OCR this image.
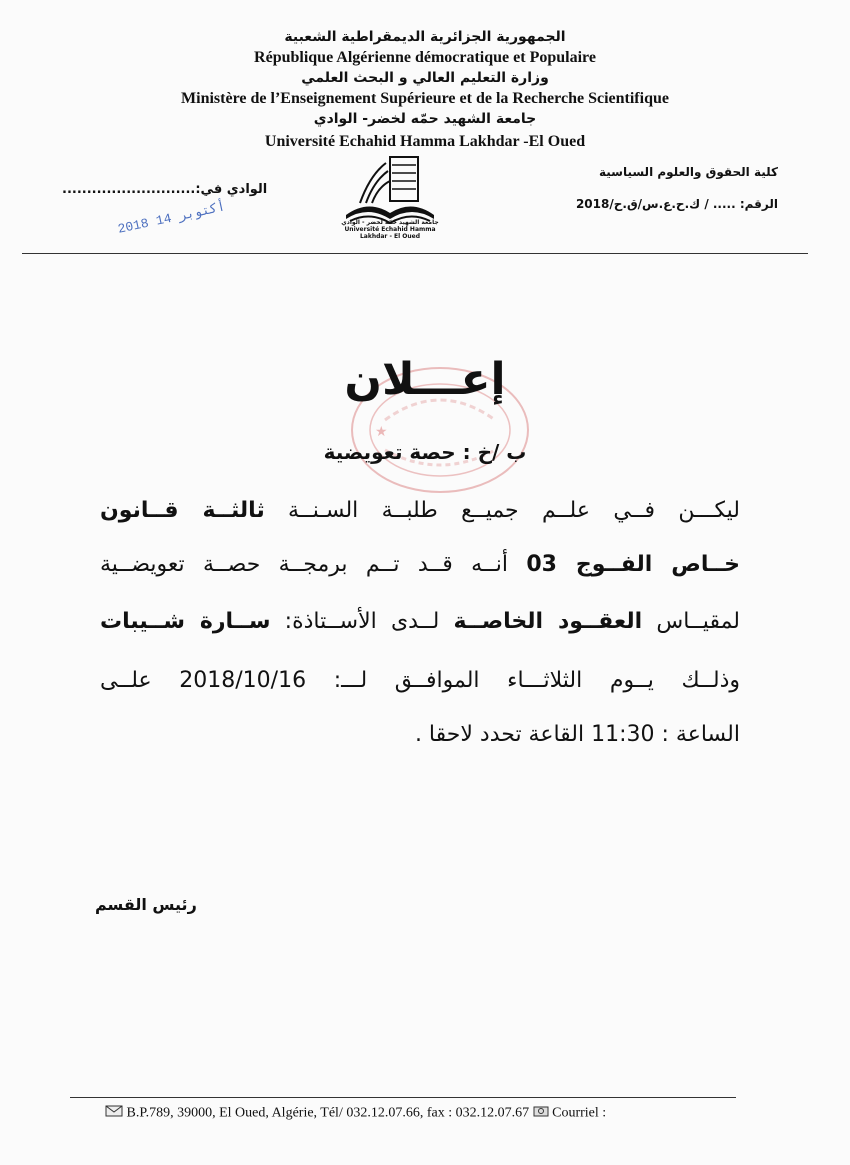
الجمهورية الجزائرية الديمقراطية الشعبية
République Algérienne démocratique et Populaire
وزارة التعليم العالي و البحث العلمي
Ministère de l’Enseignement Supérieure et de la Recherche Scientifique
جامعة الشهيد حمّه لخضر- الوادي
Université Echahid Hamma Lakhdar -El Oued
كلية الحقوق والعلوم السياسية
الرقم: ..... / ك.ح.ع.س/ق.ح/2018
الوادي في:...........................
جامعة الشهيد حمّه لخضر - الوادي
Université Echahid Hamma Lakhdar - El Oued
2018 أكتوبر 14
★
إعـــلان
ب /خ : حصة تعويضية
ليكـــن فــي علــم جميــع طلبــة السـنــة ثالثــة قــانون
خــاص الفــوج 03 أنــه قــد تــم برمجــة حصــة تعويضــية
لمقيــاس العقــود الخاصــة لــدى الأســتاذة: ســارة شــيبات
وذلــك يــوم الثلاثـــاء الموافــق لـــ: 2018/10/16 علــى
الساعة : 11:30 القاعة تحدد لاحقا .
رئيس القسم
B.P.789, 39000, El Oued, Algérie, Tél/ 032.12.07.66, fax : 032.12.07.67 Courriel :
